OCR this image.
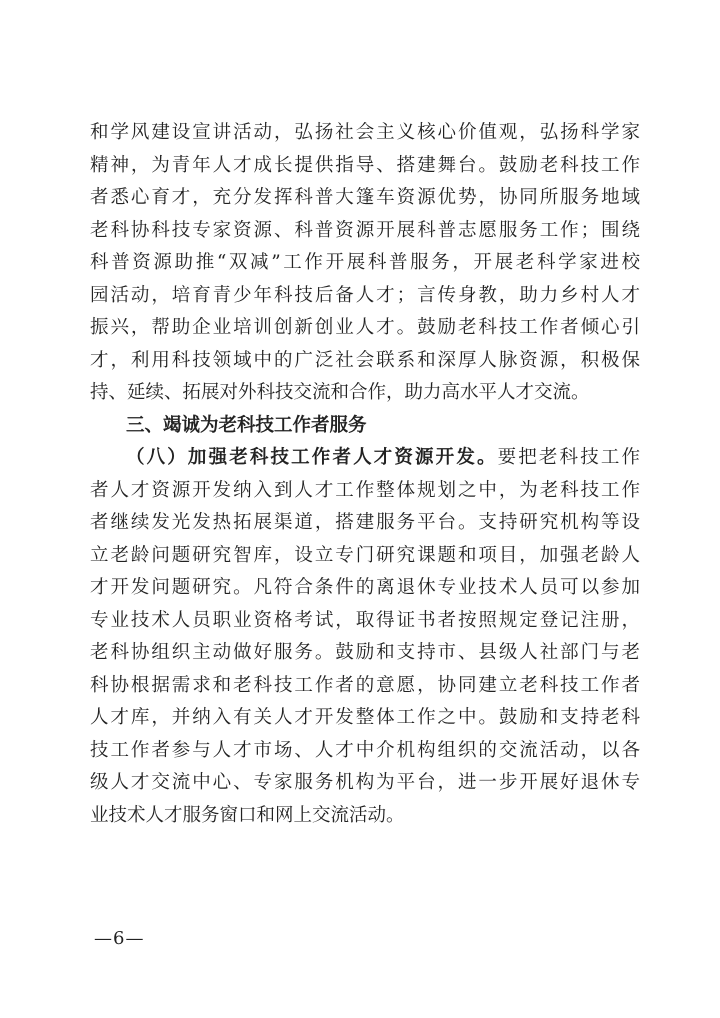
和学风建设宣讲活动，弘扬社会主义核心价值观，弘扬科学家
精神，为青年人才成长提供指导、搭建舞台。鼓励老科技工作
者悉心育才，充分发挥科普大篷车资源优势，协同所服务地域
老科协科技专家资源、科普资源开展科普志愿服务工作；围绕
科普资源助推“双减”工作开展科普服务，开展老科学家进校
园活动，培育青少年科技后备人才；言传身教，助力乡村人才
振兴，帮助企业培训创新创业人才。鼓励老科技工作者倾心引
才，利用科技领域中的广泛社会联系和深厚人脉资源，积极保
持、延续、拓展对外科技交流和合作，助力高水平人才交流。
三、竭诚为老科技工作者服务
（八）加强老科技工作者人才资源开发。要把老科技工作
者人才资源开发纳入到人才工作整体规划之中，为老科技工作
者继续发光发热拓展渠道，搭建服务平台。支持研究机构等设
立老龄问题研究智库，设立专门研究课题和项目，加强老龄人
才开发问题研究。凡符合条件的离退休专业技术人员可以参加
专业技术人员职业资格考试，取得证书者按照规定登记注册，
老科协组织主动做好服务。鼓励和支持市、县级人社部门与老
科协根据需求和老科技工作者的意愿，协同建立老科技工作者
人才库，并纳入有关人才开发整体工作之中。鼓励和支持老科
技工作者参与人才市场、人才中介机构组织的交流活动，以各
级人才交流中心、专家服务机构为平台，进一步开展好退休专
业技术人才服务窗口和网上交流活动。
—6—
